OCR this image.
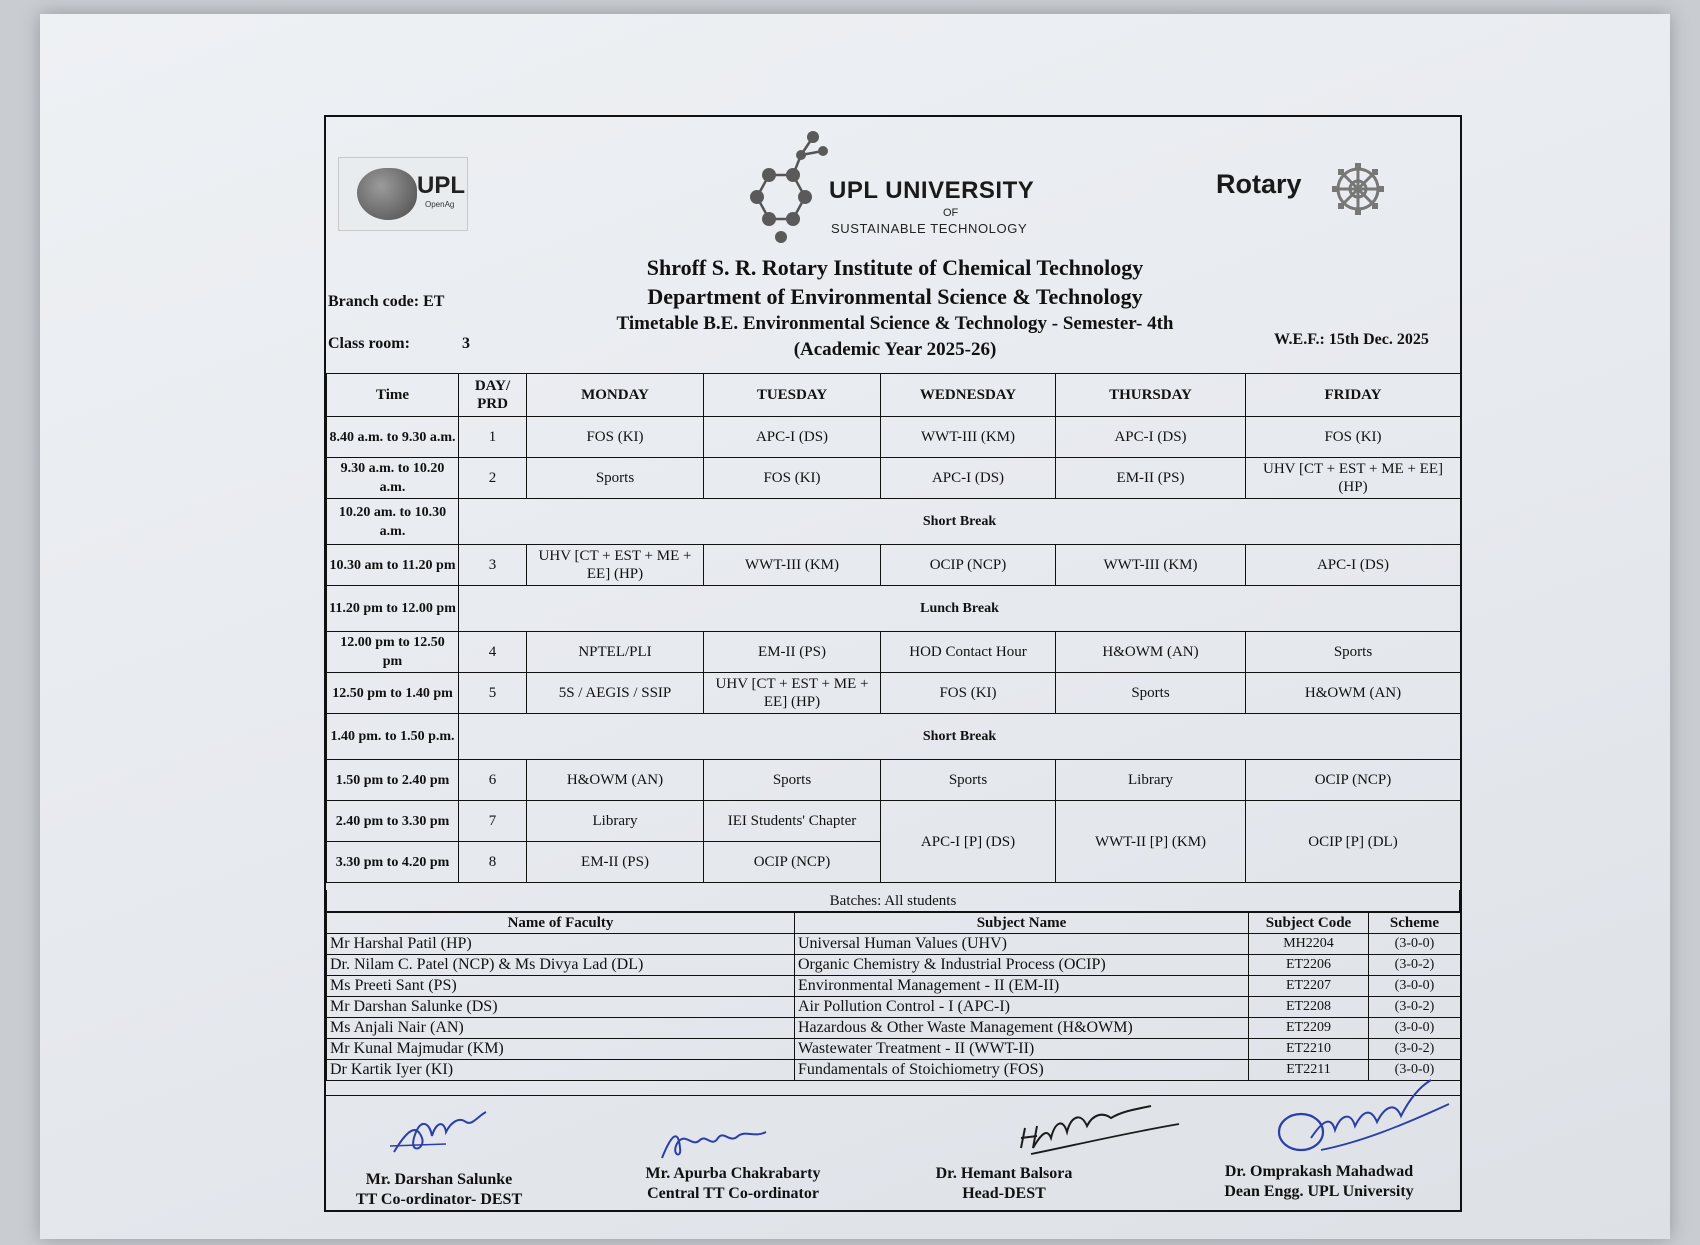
UPL
OpenAg
UPL UNIVERSITY
OF
SUSTAINABLE TECHNOLOGY
Rotary
Shroff S. R. Rotary Institute of Chemical Technology
Department of Environmental Science & Technology
Timetable B.E. Environmental Science & Technology - Semester- 4th
(Academic Year 2025-26)
Branch code: ET
Class room:	3	W.E.F.: 15th Dec. 2025
Time	DAY/ PRD	MONDAY	TUESDAY	WEDNESDAY	THURSDAY	FRIDAY
8.40 a.m. to 9.30 a.m.	1	FOS (KI)	APC-I (DS)	WWT-III (KM)	APC-I (DS)	FOS (KI)
9.30 a.m. to 10.20 a.m.	2	Sports	FOS (KI)	APC-I (DS)	EM-II (PS)	UHV [CT + EST + ME + EE] (HP)
10.20 am. to 10.30 a.m.	Short Break					
10.30 am to 11.20 pm	3	UHV [CT + EST + ME + EE] (HP)	WWT-III (KM)	OCIP (NCP)	WWT-III (KM)	APC-I (DS)
11.20 pm to 12.00 pm	Lunch Break					
12.00 pm to 12.50 pm	4	NPTEL/PLI	EM-II (PS)	HOD Contact Hour	H&OWM (AN)	Sports
12.50 pm to 1.40 pm	5	5S / AEGIS / SSIP	UHV [CT + EST + ME + EE] (HP)	FOS (KI)	Sports	H&OWM (AN)
1.40 pm. to 1.50 p.m.	Short Break					
1.50 pm to 2.40 pm	6	H&OWM (AN)	Sports	Sports	Library	OCIP (NCP)
2.40 pm to 3.30 pm	7	Library	IEI Students' Chapter	APC-I [P] (DS)	WWT-II [P] (KM)	OCIP [P] (DL)
3.30 pm to 4.20 pm	8	EM-II (PS)	OCIP (NCP)			
Batches: All students
Name of Faculty	Subject Name	Subject Code	Scheme
Mr Harshal Patil (HP)	Universal Human Values (UHV)	MH2204	(3-0-0)
Dr. Nilam C. Patel (NCP) & Ms Divya Lad (DL)	Organic Chemistry & Industrial Process (OCIP)	ET2206	(3-0-2)
Ms Preeti Sant (PS)	Environmental Management - II (EM-II)	ET2207	(3-0-0)
Mr Darshan Salunke (DS)	Air Pollution Control - I (APC-I)	ET2208	(3-0-2)
Ms Anjali Nair (AN)	Hazardous & Other Waste Management (H&OWM)	ET2209	(3-0-0)
Mr Kunal Majmudar (KM)	Wastewater Treatment - II (WWT-II)	ET2210	(3-0-2)
Dr Kartik Iyer (KI)	Fundamentals of Stoichiometry (FOS)	ET2211	(3-0-0)
Mr. Darshan Salunke
TT Co-ordinator- DEST
Mr. Apurba Chakrabarty
Central TT Co-ordinator
Dr. Hemant Balsora
Head-DEST
Dr. Omprakash Mahadwad
Dean Engg. UPL University
